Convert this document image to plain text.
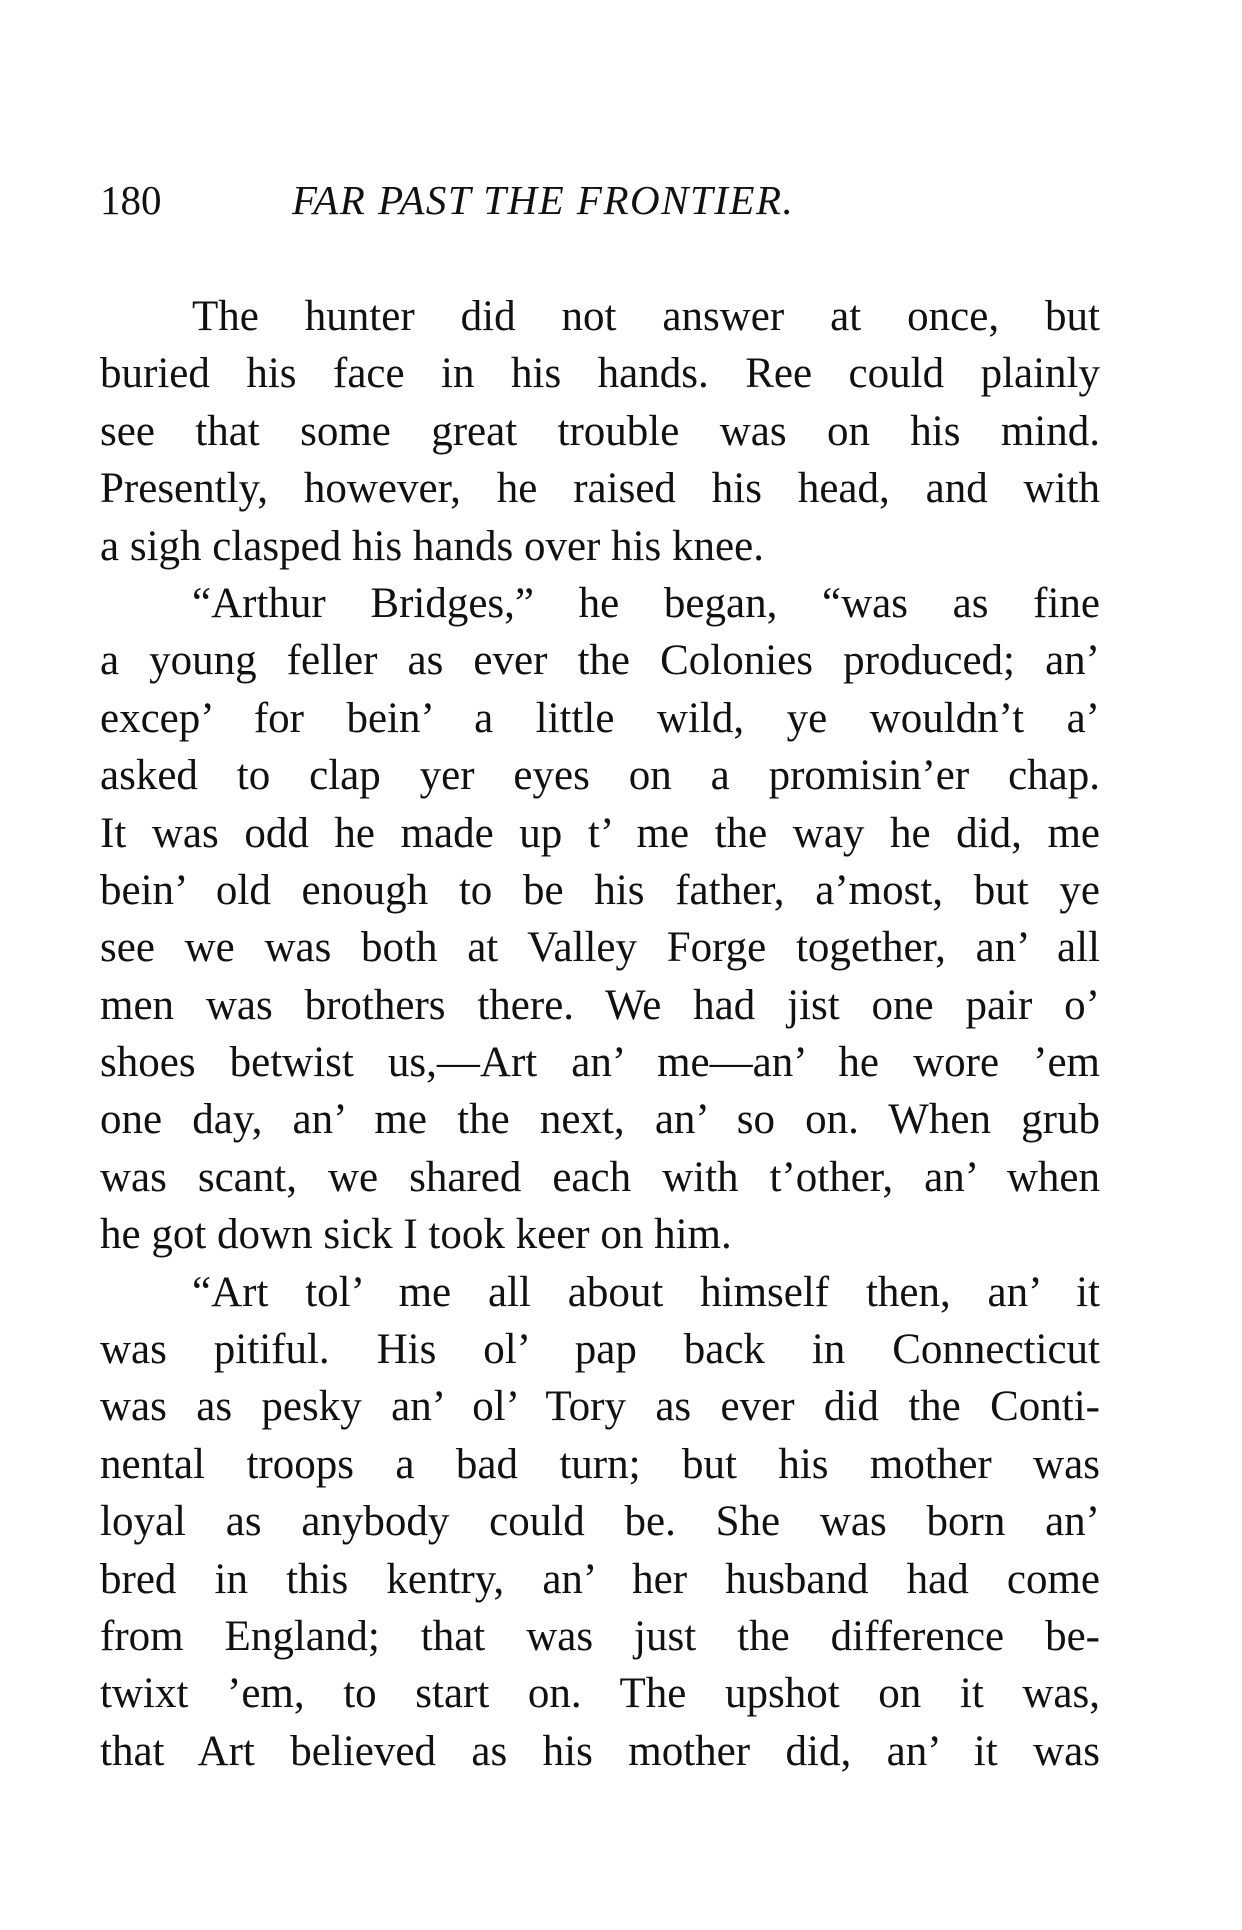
180	FAR PAST THE FRONTIER.
The hunter did not answer at once, but
buried his face in his hands. Ree could plainly
see that some great trouble was on his mind.
Presently, however, he raised his head, and with
a sigh clasped his hands over his knee.
“Arthur Bridges,” he began, “was as fine
a young feller as ever the Colonies produced; an’
excep’ for bein’ a little wild, ye wouldn’t a’
asked to clap yer eyes on a promisin’er chap.
It was odd he made up t’ me the way he did, me
bein’ old enough to be his father, a’most, but ye
see we was both at Valley Forge together, an’ all
men was brothers there. We had jist one pair o’
shoes betwist us,—Art an’ me—an’ he wore ’em
one day, an’ me the next, an’ so on. When grub
was scant, we shared each with t’other, an’ when
he got down sick I took keer on him.
“Art tol’ me all about himself then, an’ it
was pitiful. His ol’ pap back in Connecticut
was as pesky an’ ol’ Tory as ever did the Conti-
nental troops a bad turn; but his mother was
loyal as anybody could be. She was born an’
bred in this kentry, an’ her husband had come
from England; that was just the difference be-
twixt ’em, to start on. The upshot on it was,
that Art believed as his mother did, an’ it was
